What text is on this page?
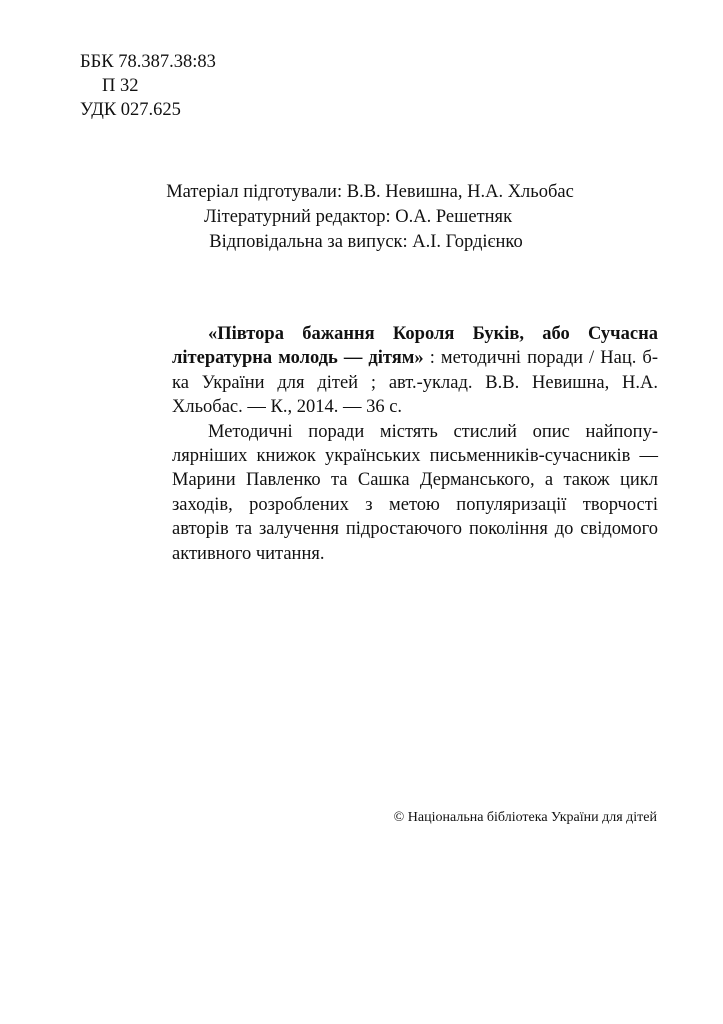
ББК 78.387.38:83
П 32
УДК 027.625
Матеріал підготували: В.В. Невишна, Н.А. Хльобас
Літературний редактор: О.А. Решетняк
Відповідальна за випуск: А.І. Гордієнко

«Півтора бажання Короля Буків, або Сучасна літературна молодь — дітям» : методичні поради / Нац. б-ка України для дітей ; авт.-уклад. В.В. Невишна, Н.А. Хльобас. — К., 2014. — 36 с.

Методичні поради містять стислий опис найпопулярніших книжок українських письменників-сучасників — Марини Павленко та Сашка Дерманського, а також цикл заходів, розроблених з метою популяризації творчості авторів та залучення підростаючого покоління до свідомого активного читання.

© Національна бібліотека України для дітей
